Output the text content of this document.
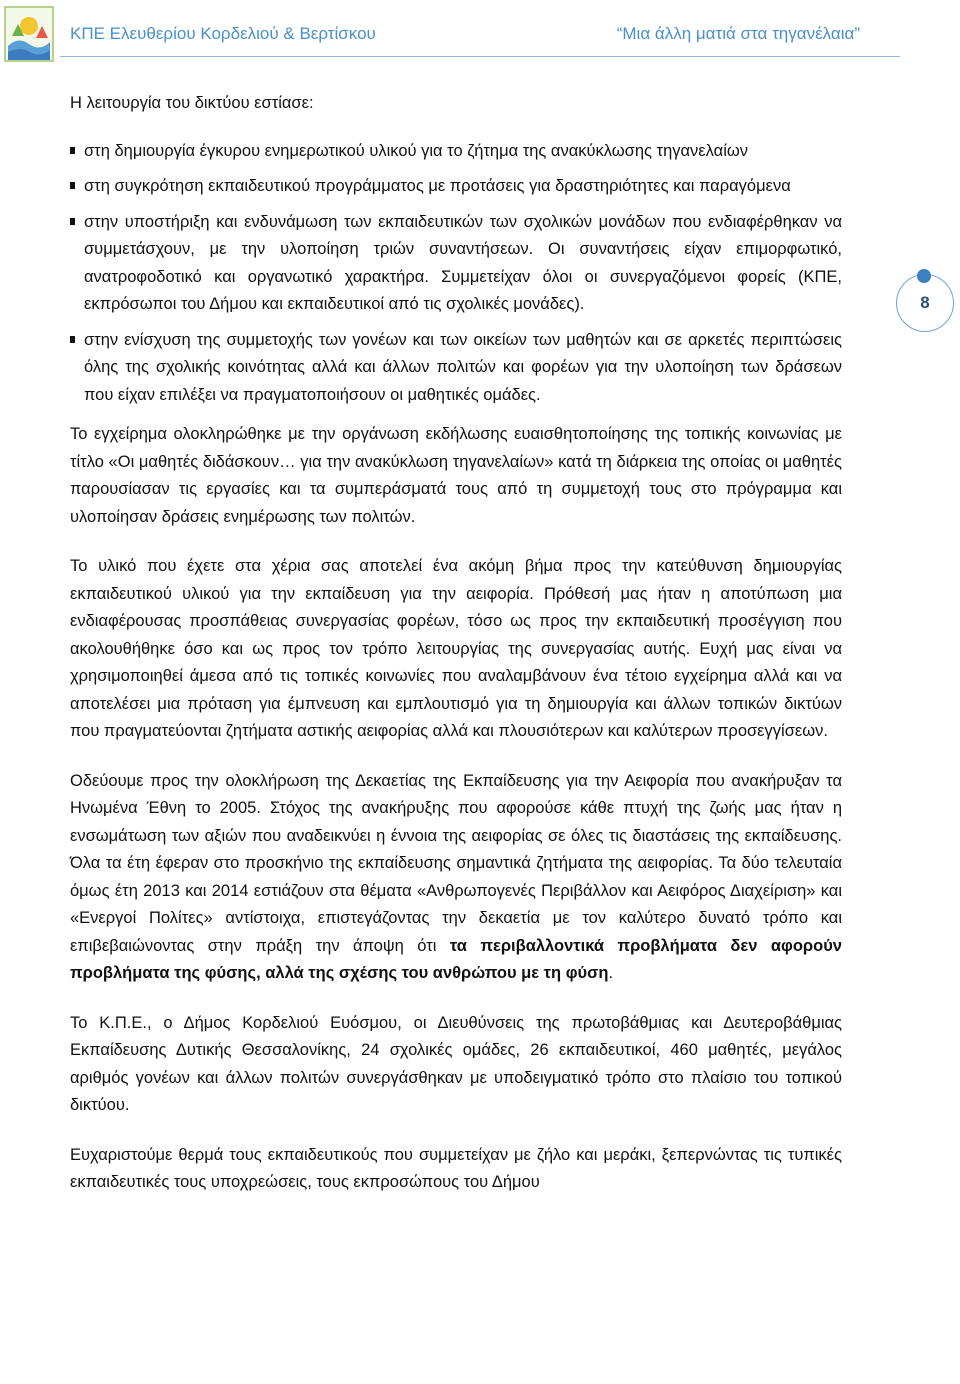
ΚΠΕ Ελευθερίου Κορδελιού & Βερτίσκου	“Μια άλλη ματιά στα τηγανέλαια”
8

Η λειτουργία του δικτύου εστίασε:

στη δημιουργία έγκυρου ενημερωτικού υλικού για το ζήτημα της ανακύκλωσης τηγανελαίων
στη συγκρότηση εκπαιδευτικού προγράμματος με προτάσεις για δραστηριότητες και παραγόμενα
στην υποστήριξη και ενδυνάμωση των εκπαιδευτικών των σχολικών μονάδων που ενδιαφέρθηκαν να συμμετάσχουν, με την υλοποίηση τριών συναντήσεων. Οι συναντήσεις είχαν επιμορφωτικό, ανατροφοδοτικό και οργανωτικό χαρακτήρα. Συμμετείχαν όλοι οι συνεργαζόμενοι φορείς (ΚΠΕ, εκπρόσωποι του Δήμου και εκπαιδευτικοί από τις σχολικές μονάδες).
στην ενίσχυση της συμμετοχής των γονέων και των οικείων των μαθητών και σε αρκετές περιπτώσεις όλης της σχολικής κοινότητας αλλά και άλλων πολιτών και φορέων για την υλοποίηση των δράσεων που είχαν επιλέξει να πραγματοποιήσουν οι μαθητικές ομάδες.

Το εγχείρημα ολοκληρώθηκε με την οργάνωση εκδήλωσης ευαισθητοποίησης της τοπικής κοινωνίας με τίτλο «Οι μαθητές διδάσκουν… για την ανακύκλωση τηγανελαίων» κατά τη διάρκεια της οποίας οι μαθητές παρουσίασαν τις εργασίες και τα συμπεράσματά τους από τη συμμετοχή τους στο πρόγραμμα και υλοποίησαν δράσεις ενημέρωσης των πολιτών.

Το υλικό που έχετε στα χέρια σας αποτελεί ένα ακόμη βήμα προς την κατεύθυνση δημιουργίας εκπαιδευτικού υλικού για την εκπαίδευση για την αειφορία. Πρόθεσή μας ήταν η αποτύπωση μια ενδιαφέρουσας προσπάθειας συνεργασίας φορέων, τόσο ως προς την εκπαιδευτική προσέγγιση που ακολουθήθηκε όσο και ως προς τον τρόπο λειτουργίας της συνεργασίας αυτής. Ευχή μας είναι να χρησιμοποιηθεί άμεσα από τις τοπικές κοινωνίες που αναλαμβάνουν ένα τέτοιο εγχείρημα αλλά και να αποτελέσει μια πρόταση για έμπνευση και εμπλουτισμό για τη δημιουργία και άλλων τοπικών δικτύων που πραγματεύονται ζητήματα αστικής αειφορίας αλλά και πλουσιότερων και καλύτερων προσεγγίσεων.

Οδεύουμε προς την ολοκλήρωση της Δεκαετίας της Εκπαίδευσης για την Αειφορία που ανακήρυξαν τα Ηνωμένα Έθνη το 2005. Στόχος της ανακήρυξης που αφορούσε κάθε πτυχή της ζωής μας ήταν η ενσωμάτωση των αξιών που αναδεικνύει η έννοια της αειφορίας σε όλες τις διαστάσεις της εκπαίδευσης. Όλα τα έτη έφεραν στο προσκήνιο της εκπαίδευσης σημαντικά ζητήματα της αειφορίας. Τα δύο τελευταία όμως έτη 2013 και 2014 εστιάζουν στα θέματα «Ανθρωπογενές Περιβάλλον και Αειφόρος Διαχείριση» και «Ενεργοί Πολίτες» αντίστοιχα, επιστεγάζοντας την δεκαετία με τον καλύτερο δυνατό τρόπο και επιβεβαιώνοντας στην πράξη την άποψη ότι τα περιβαλλοντικά προβλήματα δεν αφορούν προβλήματα της φύσης, αλλά της σχέσης του ανθρώπου με τη φύση.

Το Κ.Π.Ε., ο Δήμος Κορδελιού Ευόσμου, οι Διευθύνσεις της πρωτοβάθμιας και Δευτεροβάθμιας Εκπαίδευσης Δυτικής Θεσσαλονίκης, 24 σχολικές ομάδες, 26 εκπαιδευτικοί, 460 μαθητές, μεγάλος αριθμός γονέων και άλλων πολιτών συνεργάσθηκαν με υποδειγματικό τρόπο στο πλαίσιο του τοπικού δικτύου.

Ευχαριστούμε θερμά τους εκπαιδευτικούς που συμμετείχαν με ζήλο και μεράκι, ξεπερνώντας τις τυπικές εκπαιδευτικές τους υποχρεώσεις, τους εκπροσώπους του Δήμου
